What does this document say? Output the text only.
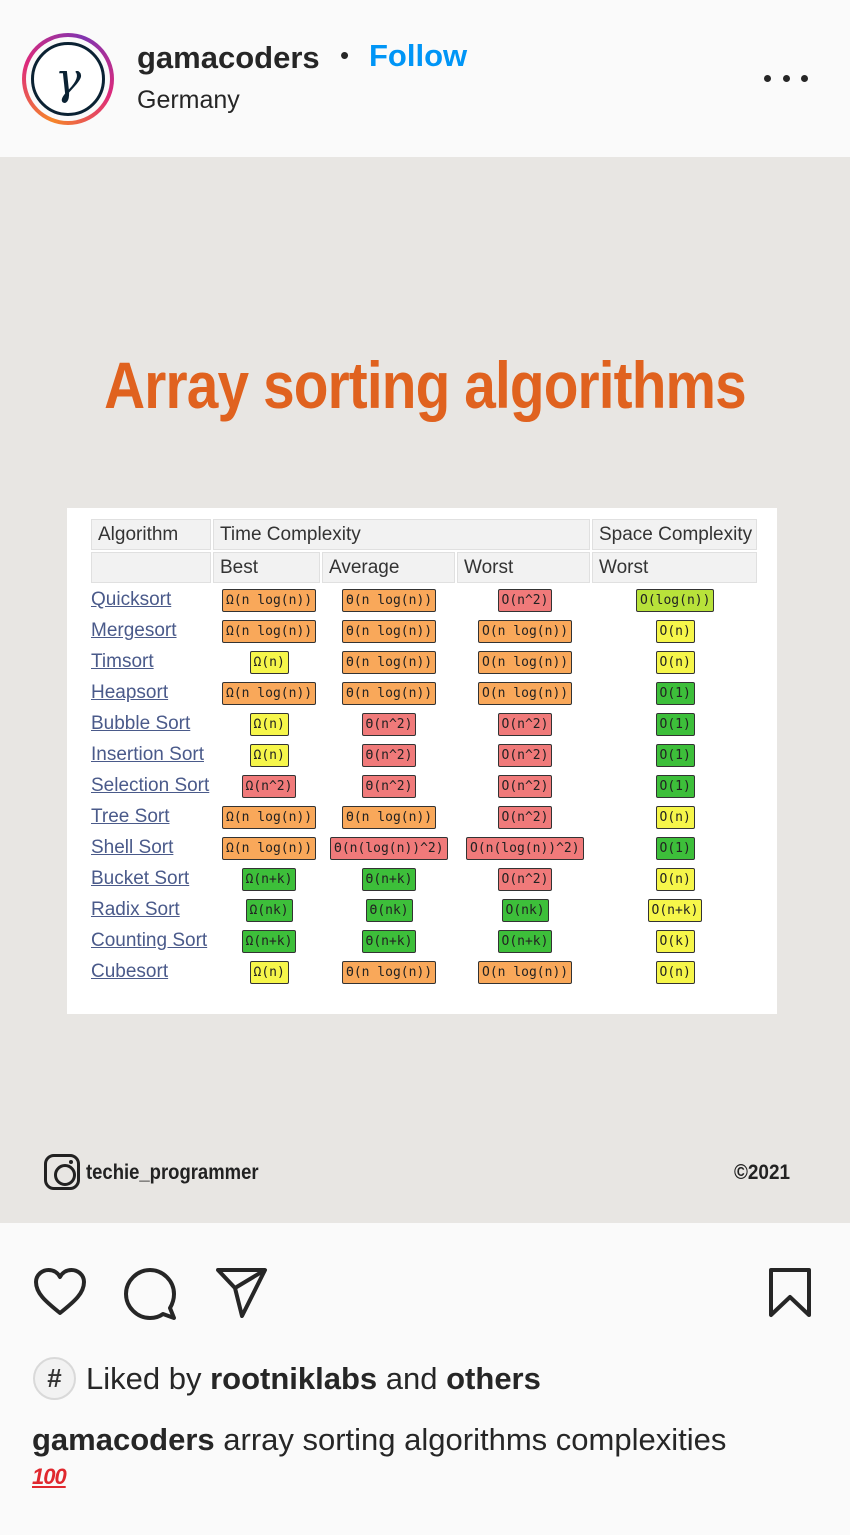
γ	gamacoders • Follow
Germany
Array sorting algorithms
Algorithm	Time Complexity	Space Complexity
Best	Average	Worst	Worst
Quicksort	Ω(n log(n))	Θ(n log(n))	O(n^2)	O(log(n))
Mergesort	Ω(n log(n))	Θ(n log(n))	O(n log(n))	O(n)
Timsort	Ω(n)	Θ(n log(n))	O(n log(n))	O(n)
Heapsort	Ω(n log(n))	Θ(n log(n))	O(n log(n))	O(1)
Bubble Sort	Ω(n)	Θ(n^2)	O(n^2)	O(1)
Insertion Sort	Ω(n)	Θ(n^2)	O(n^2)	O(1)
Selection Sort	Ω(n^2)	Θ(n^2)	O(n^2)	O(1)
Tree Sort	Ω(n log(n))	Θ(n log(n))	O(n^2)	O(n)
Shell Sort	Ω(n log(n))	Θ(n(log(n))^2)	O(n(log(n))^2)	O(1)
Bucket Sort	Ω(n+k)	Θ(n+k)	O(n^2)	O(n)
Radix Sort	Ω(nk)	Θ(nk)	O(nk)	O(n+k)
Counting Sort	Ω(n+k)	Θ(n+k)	O(n+k)	O(k)
Cubesort	Ω(n)	Θ(n log(n))	O(n log(n))	O(n)
techie_programmer	©2021
# Liked by rootniklabs and others
gamacoders array sorting algorithms complexities
100
